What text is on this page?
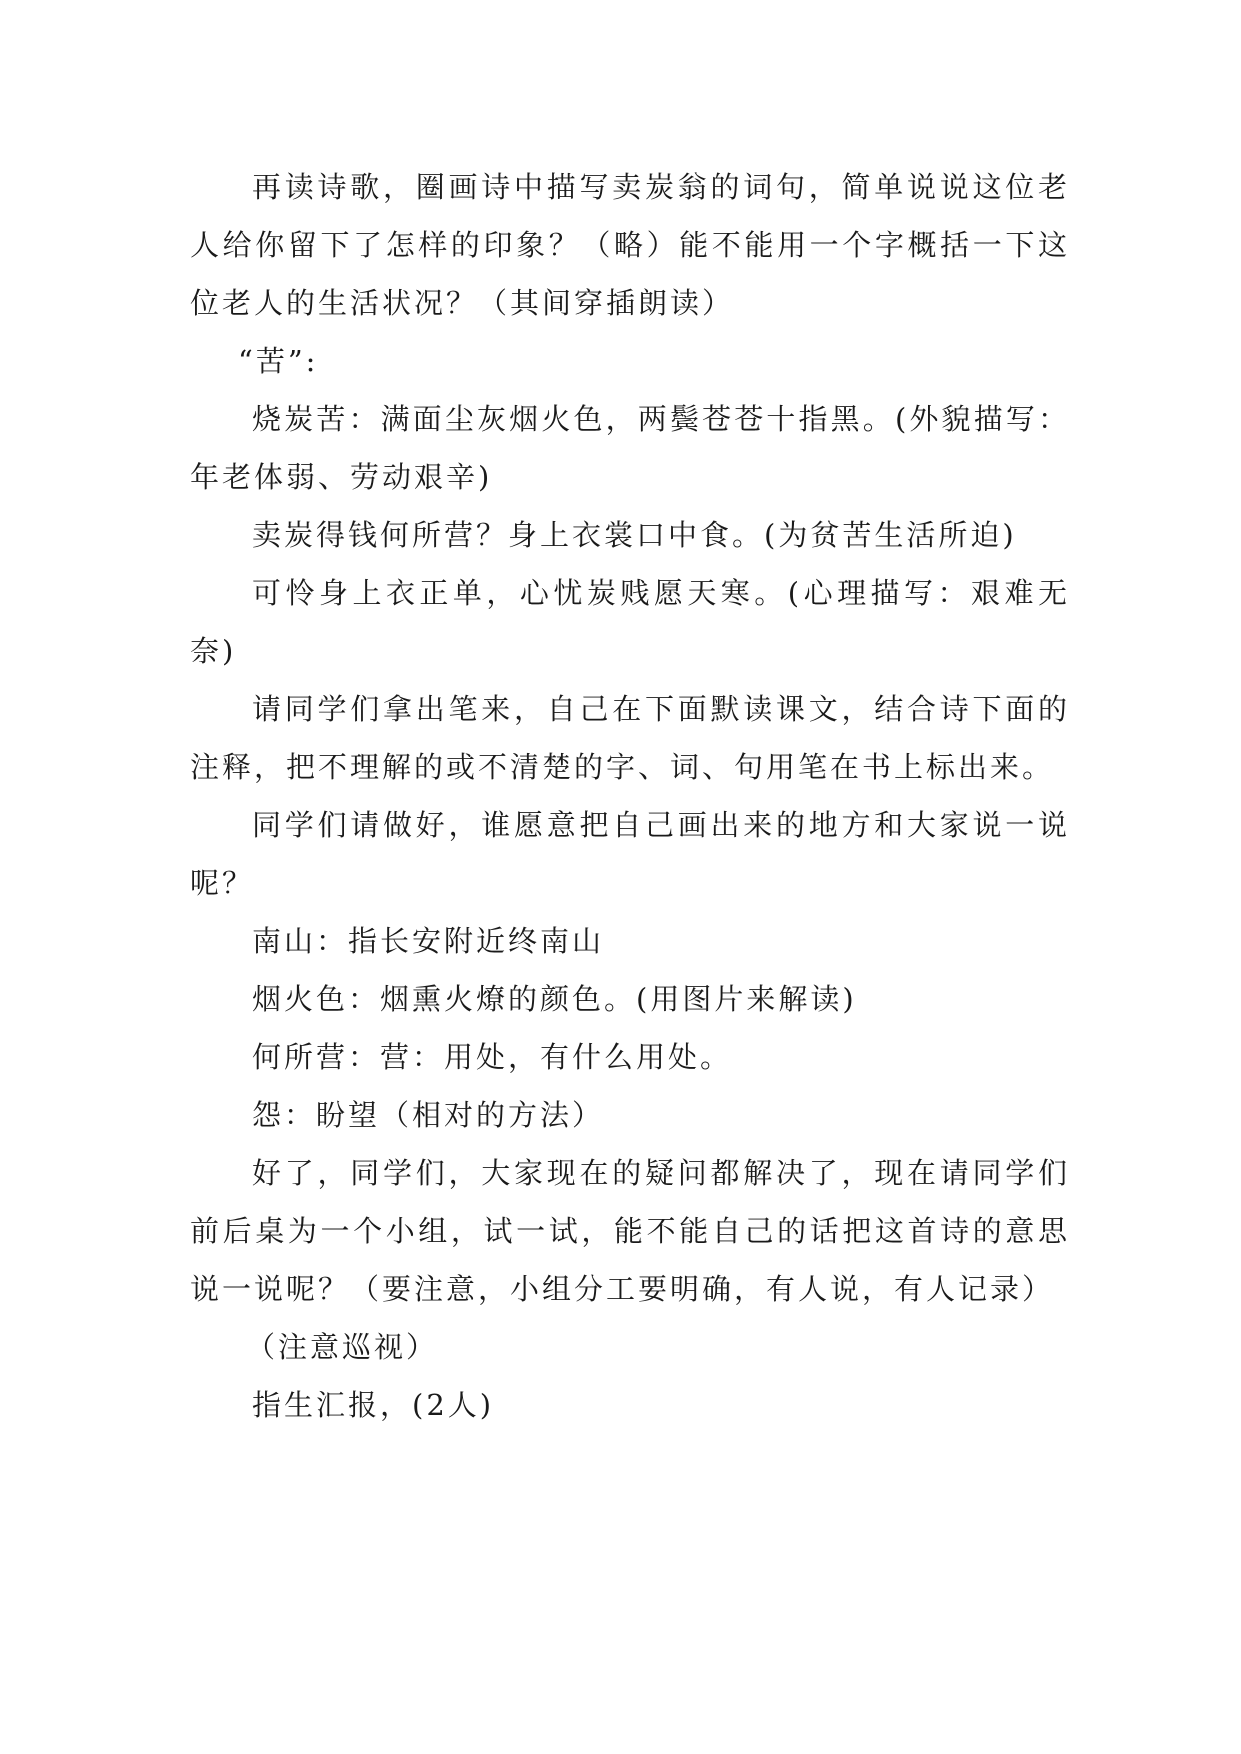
再读诗歌，圈画诗中描写卖炭翁的词句，简单说说这位老人给你留下了怎样的印象？（略）能不能用一个字概括一下这位老人的生活状况？（其间穿插朗读）

“苦”:

烧炭苦：满面尘灰烟火色，两鬓苍苍十指黑。(外貌描写：年老体弱、劳动艰辛)

卖炭得钱何所营？身上衣裳口中食。(为贫苦生活所迫)

可怜身上衣正单，心忧炭贱愿天寒。(心理描写：艰难无奈)

请同学们拿出笔来，自己在下面默读课文，结合诗下面的注释，把不理解的或不清楚的字、词、句用笔在书上标出来。

同学们请做好，谁愿意把自己画出来的地方和大家说一说呢？

南山：指长安附近终南山

烟火色：烟熏火燎的颜色。(用图片来解读)

何所营：营：用处，有什么用处。

怨：盼望（相对的方法）

好了，同学们，大家现在的疑问都解决了，现在请同学们前后桌为一个小组，试一试，能不能自己的话把这首诗的意思说一说呢？（要注意，小组分工要明确，有人说，有人记录）

（注意巡视）

指生汇报，(2人)
